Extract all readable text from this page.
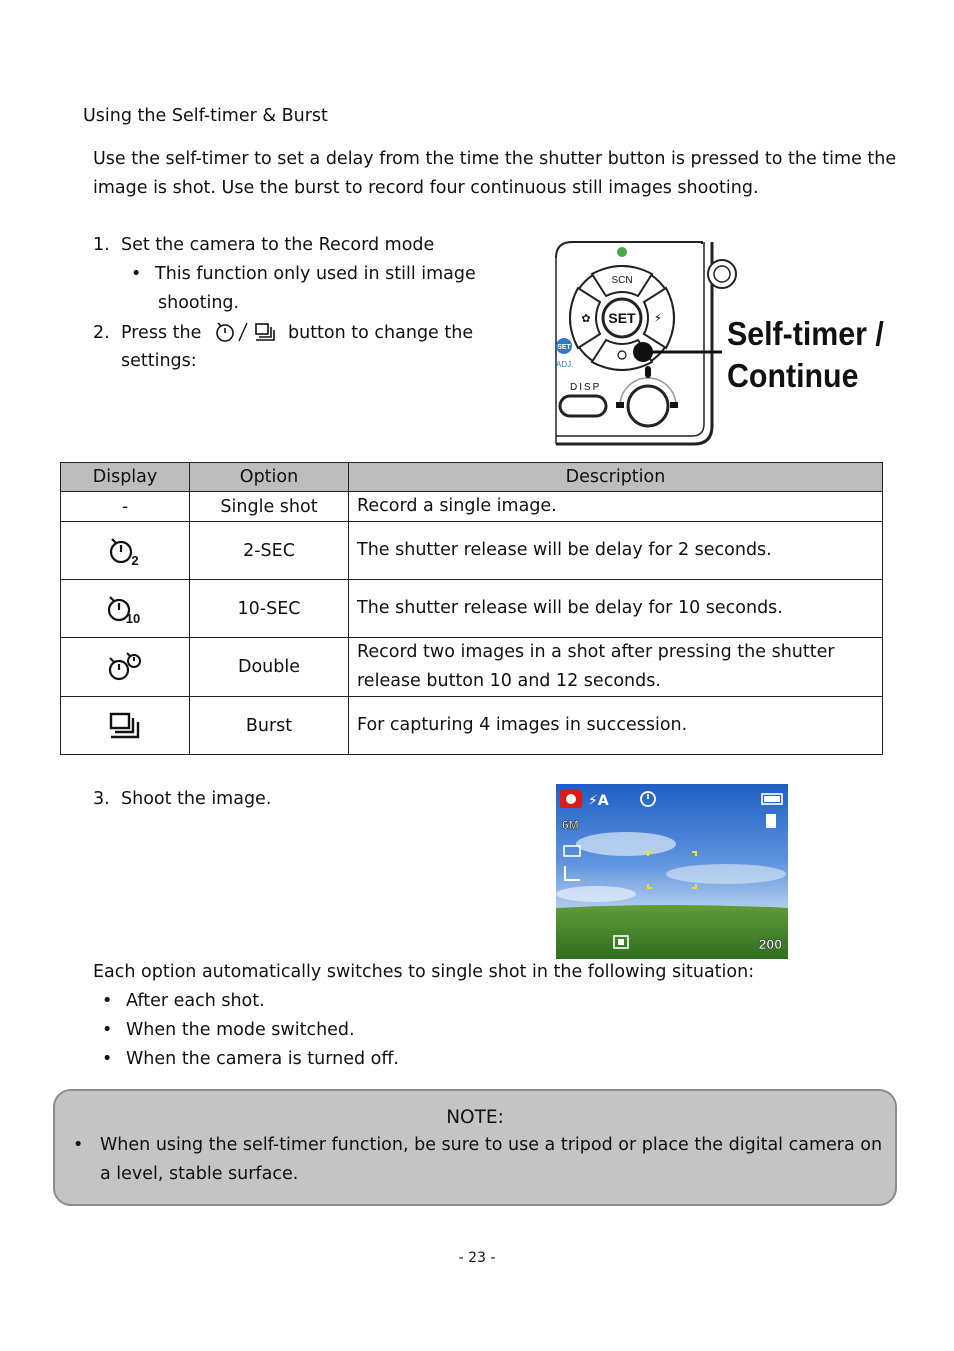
Using the Self-timer & Burst
Use the self-timer to set a delay from the time the shutter button is pressed to the time the image is shot. Use the burst to record four continuous still images shooting.
1. Set the camera to the Record mode
• This function only used in still image
shooting.
2. Press the	button to change the
settings:
SET
SCN
⚡
✿
SET
ADJ.
Self-timer /
Continue
DISP
Display	Option	Description
-	Single shot	Record a single image.

2	2-SEC	The shutter release will be delay for 2 seconds.

10	10-SEC	The shutter release will be delay for 10 seconds.

	Double	Record two images in a shot after pressing the shutter release button 10 and 12 seconds.

	Burst	For capturing 4 images in succession.
3. Shoot the image.	⚡A
6M
200
Each option automatically switches to single shot in the following situation:
• After each shot.
• When the mode switched.
• When the camera is turned off.
NOTE:
• When using the self-timer function, be sure to use a tripod or place the digital camera on
a level, stable surface.
- 23 -
